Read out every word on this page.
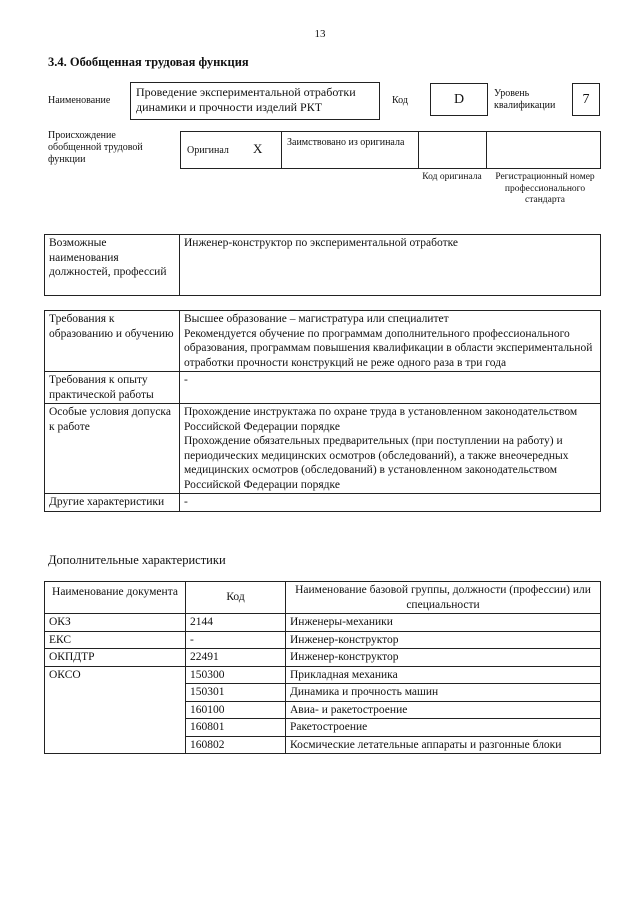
13
3.4. Обобщенная трудовая функция
Наименование
Проведение экспериментальной отработки динамики и прочности изделий РКТ	Код	D	Уровень квалификации	7
Происхождение обобщенной трудовой функции
Оригинал X Заимствовано из оригинала
Код оригинала	Регистрационный номер профессионального стандарта
Возможные наименования должностей, профессий	Инженер-конструктор по экспериментальной отработке
Требования к образованию и обучению	Высшее образование – магистратура или специалитет
Рекомендуется обучение по программам дополнительного профессионального образования, программам повышения квалификации в области экспериментальной отработки прочности конструкций не реже одного раза в три года

Требования к опыту практической работы	-

Особые условия допуска к работе	Прохождение инструктажа по охране труда в установленном законодательством Российской Федерации порядке
Прохождение обязательных предварительных (при поступлении на работу) и периодических медицинских осмотров (обследований), а также внеочередных медицинских осмотров (обследований) в установленном законодательством Российской Федерации порядке

Другие характеристики	-
Дополнительные характеристики
Наименование документа	Код	Наименование базовой группы, должности (профессии) или специальности
ОКЗ	2144	Инженеры-механики
ЕКС	-	Инженер-конструктор
ОКПДТР	22491	Инженер-конструктор
ОКСО	150300	Прикладная механика
	150301	Динамика и прочность машин
	160100	Авиа- и ракетостроение
	160801	Ракетостроение
	160802	Космические летательные аппараты и разгонные блоки
